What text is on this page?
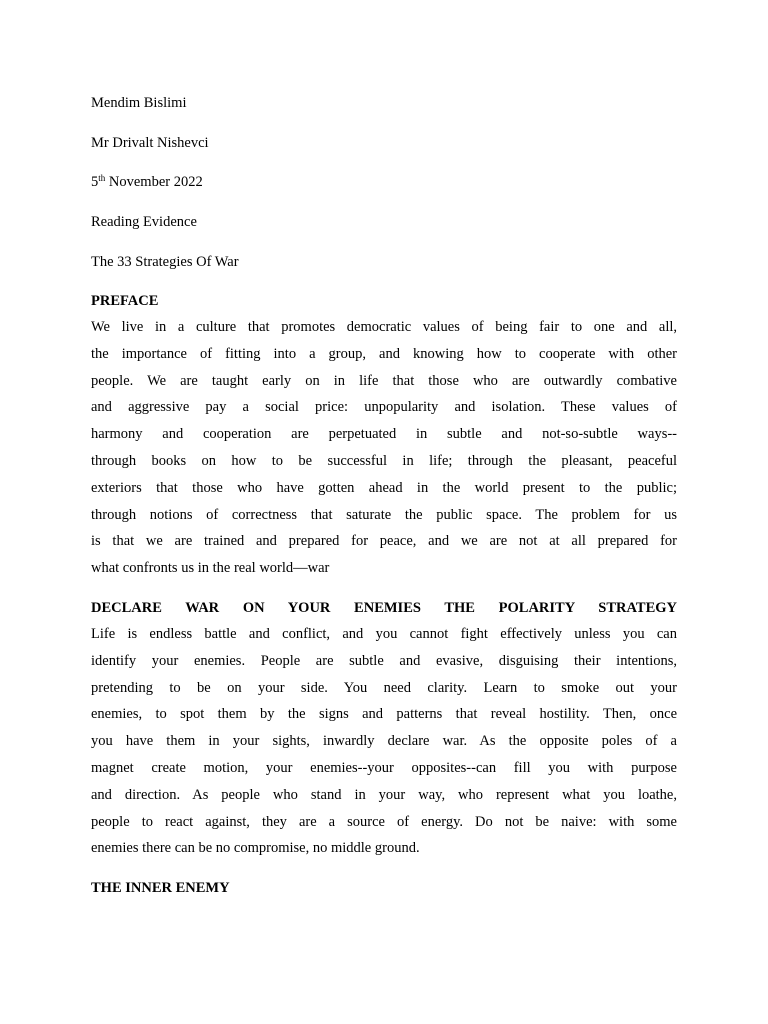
Mendim Bislimi
Mr Drivalt Nishevci
5th November 2022
Reading Evidence
The 33 Strategies Of War
PREFACE
We live in a culture that promotes democratic values of being fair to one and all,
the importance of fitting into a group, and knowing how to cooperate with other
people. We are taught early on in life that those who are outwardly combative
and aggressive pay a social price: unpopularity and isolation. These values of
harmony and cooperation are perpetuated in subtle and not-so-subtle ways--
through books on how to be successful in life; through the pleasant, peaceful
exteriors that those who have gotten ahead in the world present to the public;
through notions of correctness that saturate the public space. The problem for us
is that we are trained and prepared for peace, and we are not at all prepared for
what confronts us in the real world—war
DECLARE WAR ON YOUR ENEMIES THE POLARITY STRATEGY
Life is endless battle and conflict, and you cannot fight effectively unless you can
identify your enemies. People are subtle and evasive, disguising their intentions,
pretending to be on your side. You need clarity. Learn to smoke out your
enemies, to spot them by the signs and patterns that reveal hostility. Then, once
you have them in your sights, inwardly declare war. As the opposite poles of a
magnet create motion, your enemies--your opposites--can fill you with purpose
and direction. As people who stand in your way, who represent what you loathe,
people to react against, they are a source of energy. Do not be naive: with some
enemies there can be no compromise, no middle ground.
THE INNER ENEMY
